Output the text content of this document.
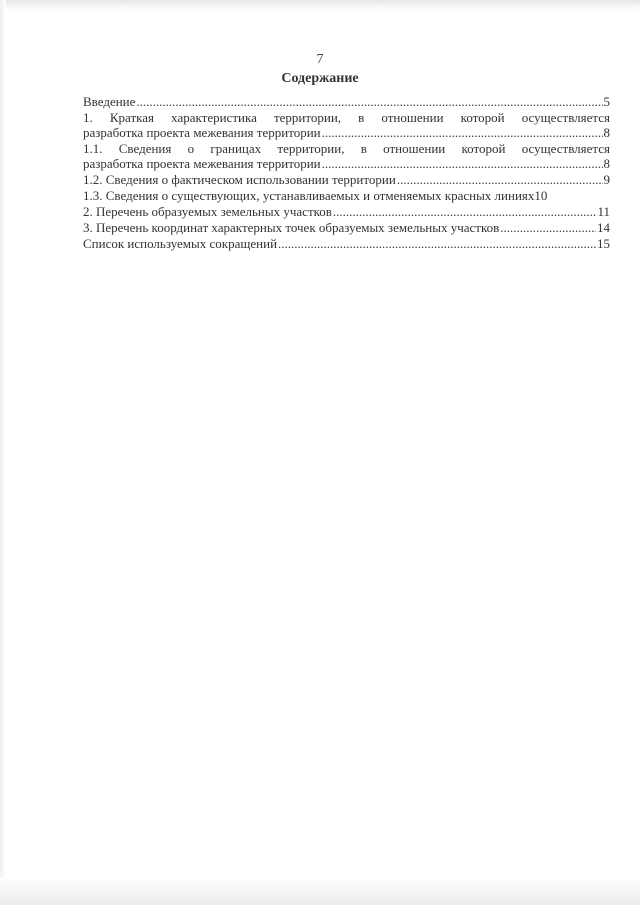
7
Содержание
Введение .....	5
1. Краткая характеристика территории, в отношении которой осуществляется
разработка проекта межевания территории .....	8
1.1. Сведения о границах территории, в отношении которой осуществляется
разработка проекта межевания территории .....	8
1.2. Сведения о фактическом использовании территории .....	9
1.3. Сведения о существующих, устанавливаемых и отменяемых красных линиях 10
2. Перечень образуемых земельных участков .....	11
3. Перечень координат характерных точек образуемых земельных участков .....	14
Список используемых сокращений .....	15
